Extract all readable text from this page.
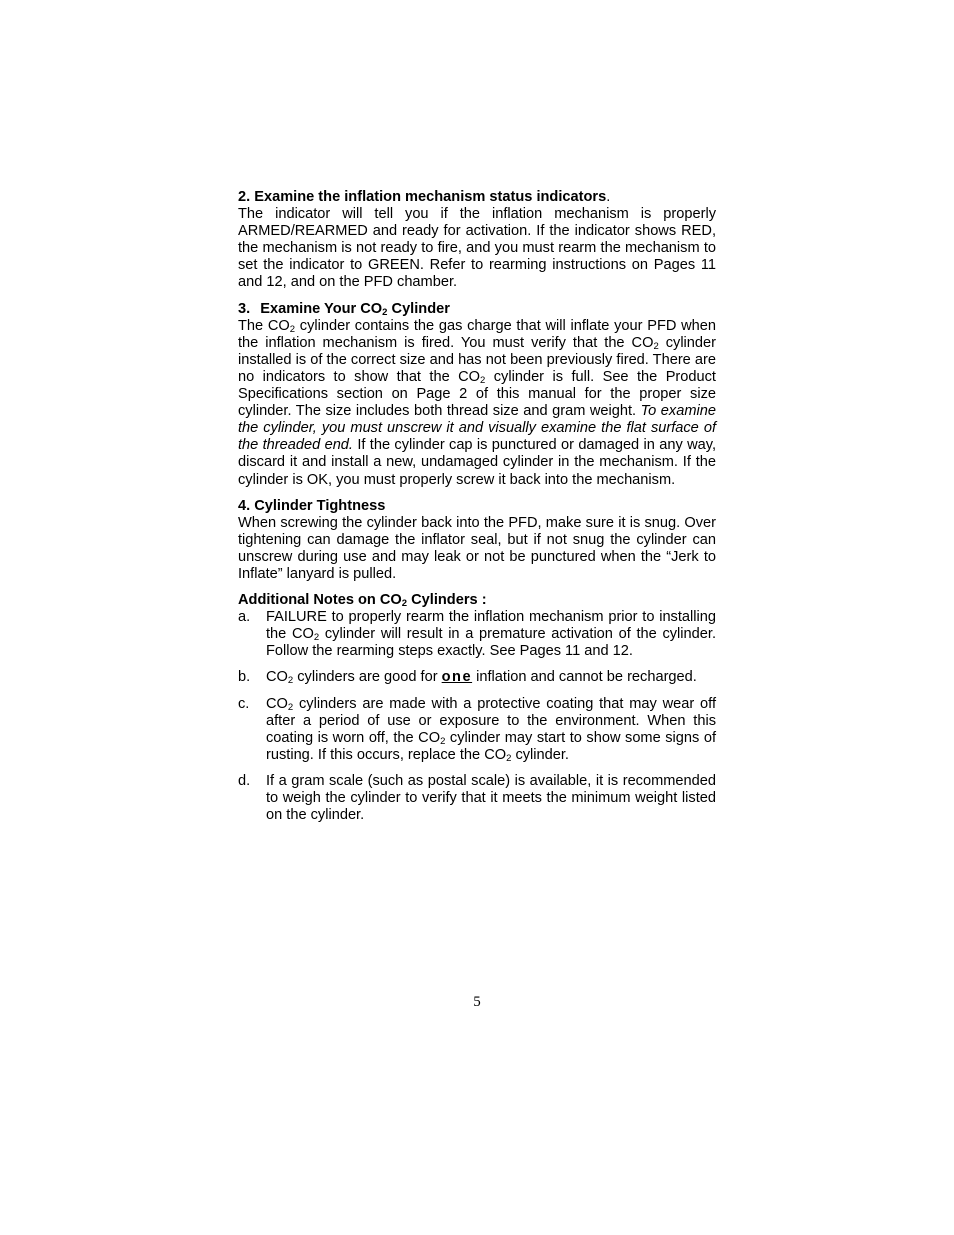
2. Examine the inflation mechanism status indicators.
The indicator will tell you if the inflation mechanism is properly ARMED/REARMED and ready for activation. If the indicator shows RED, the mechanism is not ready to fire, and you must rearm the mechanism to set the indicator to GREEN. Refer to rearming instructions on Pages 11 and 12, and on the PFD chamber.
3. Examine Your $CO_2$ Cylinder
The $CO_2$ cylinder contains the gas charge that will inflate your PFD when the inflation mechanism is fired. You must verify that the $CO_2$ cylinder installed is of the correct size and has not been previously fired. There are no indicators to show that the $CO_2$ cylinder is full. See the Product Specifications section on Page 2 of this manual for the proper size cylinder. The size includes both thread size and gram weight. To examine the cylinder, you must unscrew it and visually examine the flat surface of the threaded end. If the cylinder cap is punctured or damaged in any way, discard it and install a new, undamaged cylinder in the mechanism. If the cylinder is OK, you must properly screw it back into the mechanism.
4. Cylinder Tightness
When screwing the cylinder back into the PFD, make sure it is snug. Over tightening can damage the inflator seal, but if not snug the cylinder can unscrew during use and may leak or not be punctured when the “Jerk to Inflate” lanyard is pulled.
Additional Notes on $CO_2$ Cylinders :
a.	FAILURE to properly rearm the inflation mechanism prior to installing the $CO_2$ cylinder will result in a premature activation of the cylinder. Follow the rearming steps exactly. See Pages 11 and 12.
b.	$CO_2$ cylinders are good for one inflation and cannot be recharged.
c.	$CO_2$ cylinders are made with a protective coating that may wear off after a period of use or exposure to the environment. When this coating is worn off, the $CO_2$ cylinder may start to show some signs of rusting. If this occurs, replace the $CO_2$ cylinder.
d.	If a gram scale (such as postal scale) is available, it is recommended to weigh the cylinder to verify that it meets the minimum weight listed on the cylinder.
5
